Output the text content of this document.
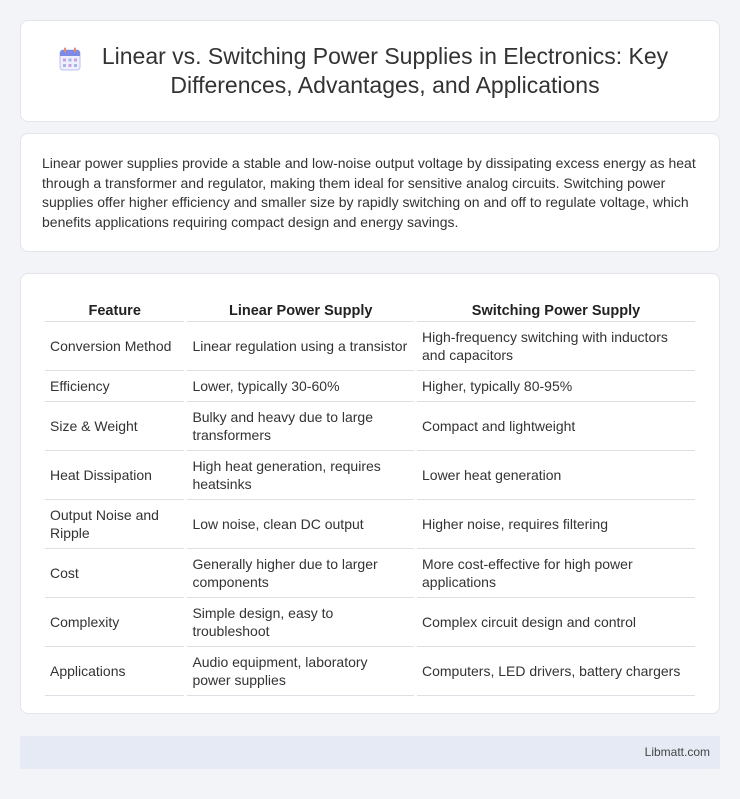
Linear vs. Switching Power Supplies in Electronics: Key Differences, Advantages, and Applications

Linear power supplies provide a stable and low-noise output voltage by dissipating excess energy as heat through a transformer and regulator, making them ideal for sensitive analog circuits. Switching power supplies offer higher efficiency and smaller size by rapidly switching on and off to regulate voltage, which benefits applications requiring compact design and energy savings.

Feature	Linear Power Supply	Switching Power Supply
Conversion Method	Linear regulation using a transistor	High-frequency switching with inductors and capacitors
Efficiency	Lower, typically 30-60%	Higher, typically 80-95%
Size & Weight	Bulky and heavy due to large transformers	Compact and lightweight
Heat Dissipation	High heat generation, requires heatsinks	Lower heat generation
Output Noise and Ripple	Low noise, clean DC output	Higher noise, requires filtering
Cost	Generally higher due to larger components	More cost-effective for high power applications
Complexity	Simple design, easy to troubleshoot	Complex circuit design and control
Applications	Audio equipment, laboratory power supplies	Computers, LED drivers, battery chargers
Libmatt.com
